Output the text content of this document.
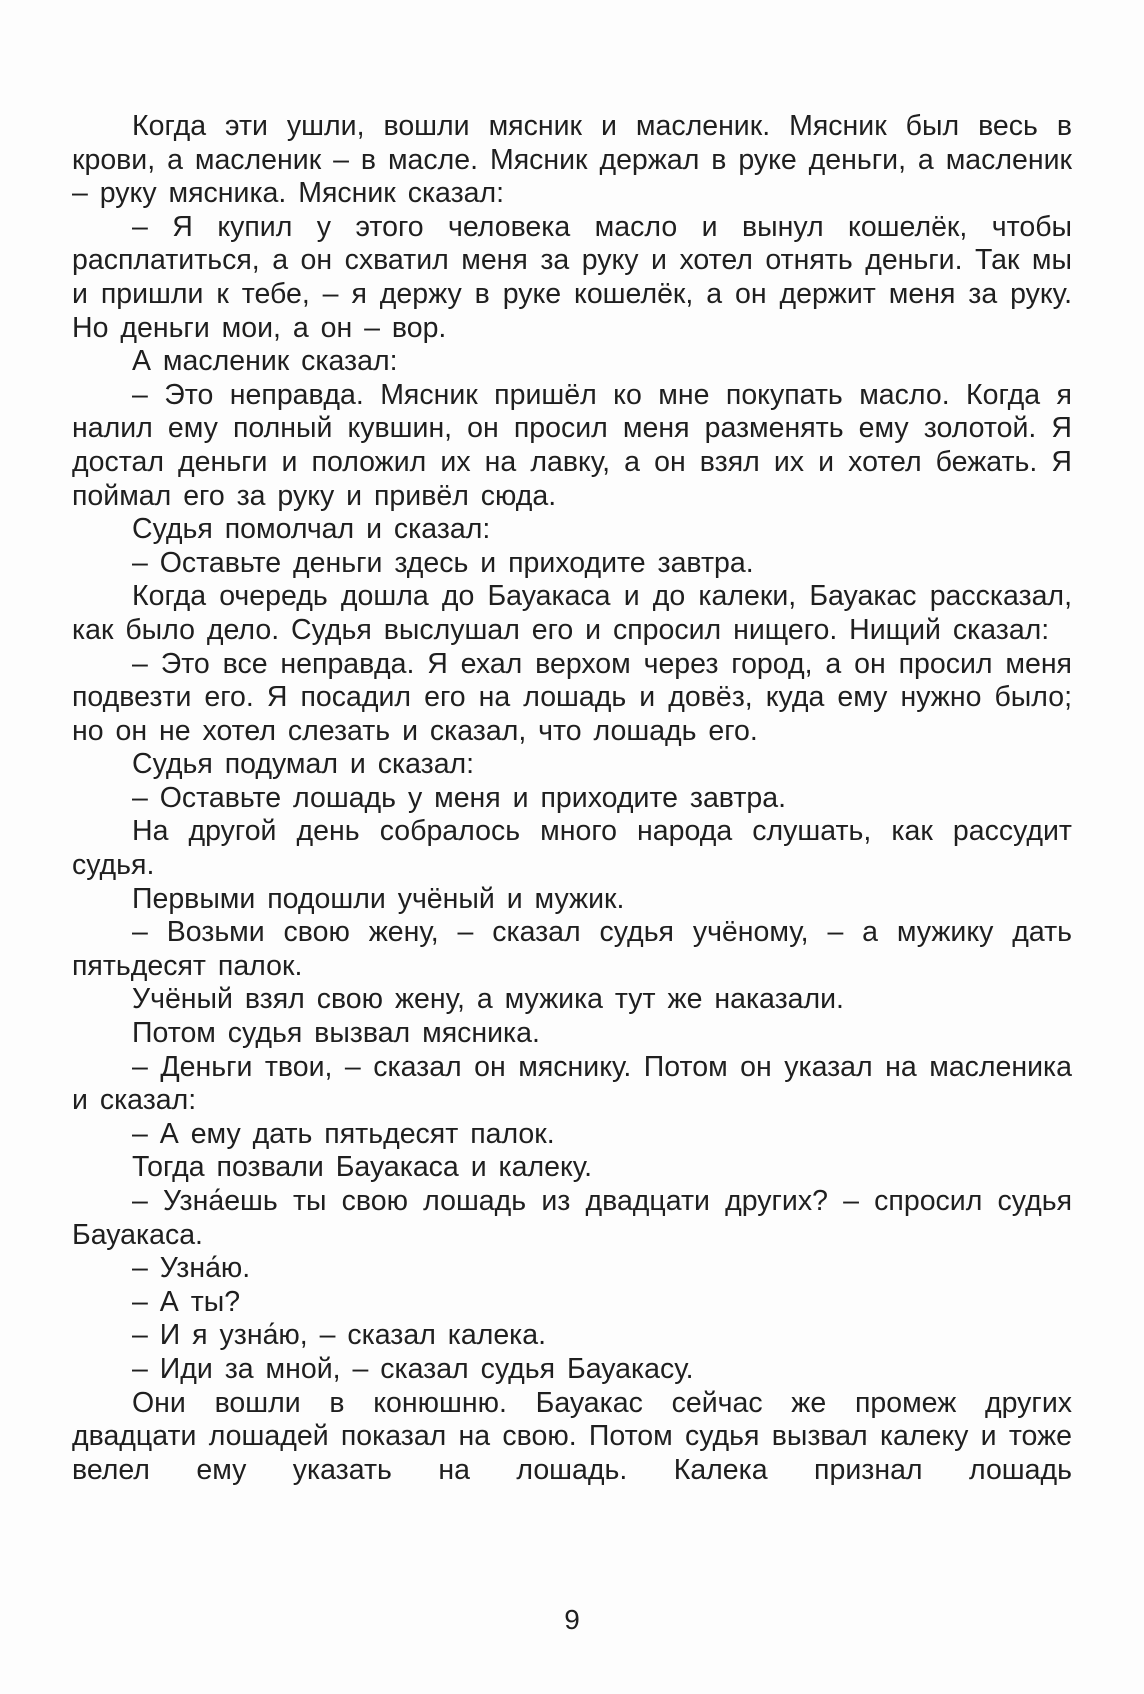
Когда эти ушли, вошли мясник и масленик. Мясник был весь в крови, а масленик – в масле. Мясник держал в руке деньги, а масленик – руку мясника. Мясник сказал:

– Я купил у этого человека масло и вынул кошелёк, чтобы расплатиться, а он схватил меня за руку и хотел отнять деньги. Так мы и пришли к тебе, – я держу в руке кошелёк, а он держит меня за руку. Но деньги мои, а он – вор.

А масленик сказал:

– Это неправда. Мясник пришёл ко мне покупать масло. Когда я налил ему полный кувшин, он просил меня разменять ему золотой. Я достал деньги и положил их на лавку, а он взял их и хотел бежать. Я поймал его за руку и привёл сюда.

Судья помолчал и сказал:

– Оставьте деньги здесь и приходите завтра.

Когда очередь дошла до Бауакаса и до калеки, Бауакас рассказал, как было дело. Судья выслушал его и спросил нищего. Нищий сказал:

– Это все неправда. Я ехал верхом через город, а он просил меня подвезти его. Я посадил его на лошадь и довёз, куда ему нужно было; но он не хотел слезать и сказал, что лошадь его.

Судья подумал и сказал:

– Оставьте лошадь у меня и приходите завтра.

На другой день собралось много народа слушать, как рассудит судья.

Первыми подошли учёный и мужик.

– Возьми свою жену, – сказал судья учёному, – а мужику дать пятьдесят палок.

Учёный взял свою жену, а мужика тут же наказали.

Потом судья вызвал мясника.

– Деньги твои, – сказал он мяснику. Потом он указал на масленика и сказал:

– А ему дать пятьдесят палок.

Тогда позвали Бауакаса и калеку.

– Узна́ешь ты свою лошадь из двадцати других? – спросил судья Бауакаса.

– Узна́ю.

– А ты?

– И я узна́ю, – сказал калека.

– Иди за мной, – сказал судья Бауакасу.

Они вошли в конюшню. Бауакас сейчас же промеж других двадцати лошадей показал на свою. Потом судья вызвал калеку и тоже велел ему указать на лошадь. Калека признал лошадь

9
